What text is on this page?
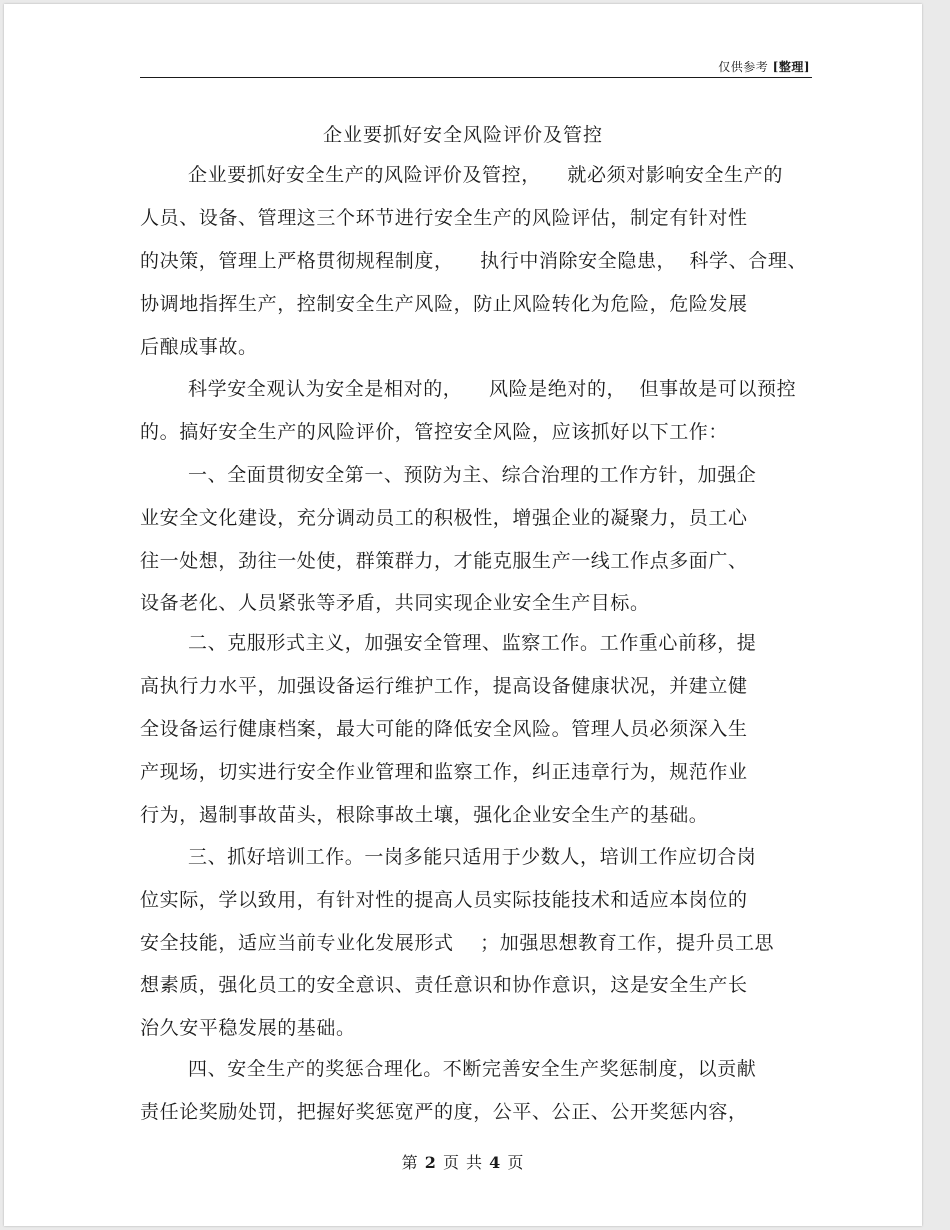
仅供参考 [整理]
企业要抓好安全风险评价及管控
企业要抓好安全生产的风险评价及管控，    就必须对影响安全生产的
人员、设备、管理这三个环节进行安全生产的风险评估，制定有针对性
的决策，管理上严格贯彻规程制度，    执行中消除安全隐患，  科学、合理、
协调地指挥生产，控制安全生产风险，防止风险转化为危险，危险发展
后酿成事故。
科学安全观认为安全是相对的，    风险是绝对的，  但事故是可以预控
的。搞好安全生产的风险评价，管控安全风险，应该抓好以下工作：
一、全面贯彻安全第一、预防为主、综合治理的工作方针，加强企
业安全文化建设，充分调动员工的积极性，增强企业的凝聚力，员工心
往一处想，劲往一处使，群策群力，才能克服生产一线工作点多面广、
设备老化、人员紧张等矛盾，共同实现企业安全生产目标。
二、克服形式主义，加强安全管理、监察工作。工作重心前移，提
高执行力水平，加强设备运行维护工作，提高设备健康状况，并建立健
全设备运行健康档案，最大可能的降低安全风险。管理人员必须深入生
产现场，切实进行安全作业管理和监察工作，纠正违章行为，规范作业
行为，遏制事故苗头，根除事故土壤，强化企业安全生产的基础。
三、抓好培训工作。一岗多能只适用于少数人，培训工作应切合岗
位实际，学以致用，有针对性的提高人员实际技能技术和适应本岗位的
安全技能，适应当前专业化发展形式    ；加强思想教育工作，提升员工思
想素质，强化员工的安全意识、责任意识和协作意识，这是安全生产长
治久安平稳发展的基础。
四、安全生产的奖惩合理化。不断完善安全生产奖惩制度，以贡献
责任论奖励处罚，把握好奖惩宽严的度，公平、公正、公开奖惩内容，
第 2 页 共 4 页
